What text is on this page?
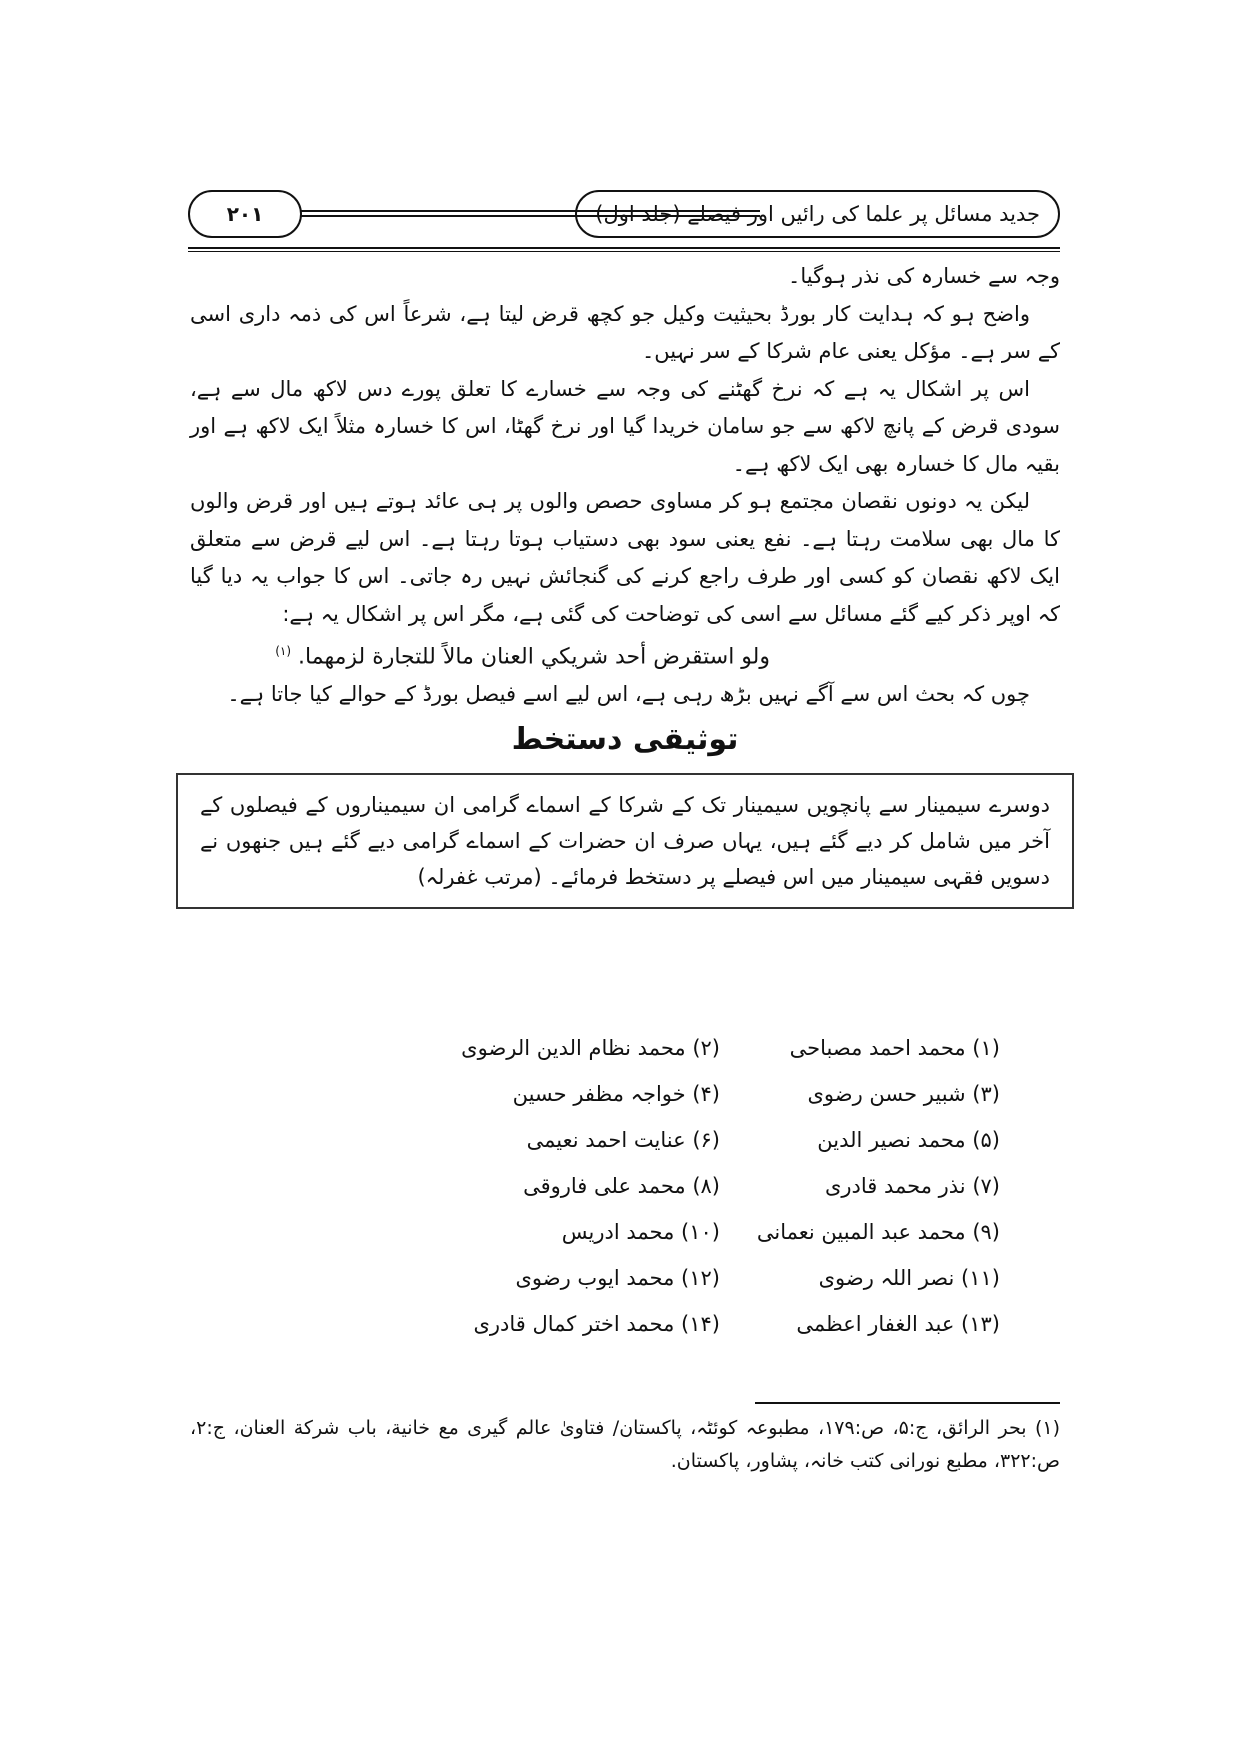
۲۰۱	جدید مسائل پر علما کی رائیں اور فیصلے (جلد اول)

وجہ سے خسارہ کی نذر ہوگیا۔

واضح ہو کہ ہدایت کار بورڈ بحیثیت وکیل جو کچھ قرض لیتا ہے، شرعاً اس کی ذمہ داری اسی کے سر ہے۔ مؤکل یعنی عام شرکا کے سر نہیں۔

اس پر اشکال یہ ہے کہ نرخ گھٹنے کی وجہ سے خسارے کا تعلق پورے دس لاکھ مال سے ہے، سودی قرض کے پانچ لاکھ سے جو سامان خریدا گیا اور نرخ گھٹا، اس کا خسارہ مثلاً ایک لاکھ ہے اور بقیہ مال کا خسارہ بھی ایک لاکھ ہے۔

لیکن یہ دونوں نقصان مجتمع ہو کر مساوی حصص والوں پر ہی عائد ہوتے ہیں اور قرض والوں کا مال بھی سلامت رہتا ہے۔ نفع یعنی سود بھی دستیاب ہوتا رہتا ہے۔ اس لیے قرض سے متعلق ایک لاکھ نقصان کو کسی اور طرف راجع کرنے کی گنجائش نہیں رہ جاتی۔ اس کا جواب یہ دیا گیا کہ اوپر ذکر کیے گئے مسائل سے اسی کی توضاحت کی گئی ہے، مگر اس پر اشکال یہ ہے:

ولو استقرض أحد شريكي العنان مالاً للتجارة لزمهما. $^{(۱)}$

چوں کہ بحث اس سے آگے نہیں بڑھ رہی ہے، اس لیے اسے فیصل بورڈ کے حوالے کیا جاتا ہے۔

توثیقی دستخط
دوسرے سیمینار سے پانچویں سیمینار تک کے شرکا کے اسماے گرامی ان سیمیناروں کے فیصلوں کے آخر میں شامل کر دیے گئے ہیں، یہاں صرف ان حضرات کے اسماے گرامی دیے گئے ہیں جنھوں نے دسویں فقہی سیمینار میں اس فیصلے پر دستخط فرمائے۔ (مرتب غفرلہ)
(۱) محمد احمد مصباحی
(۲) محمد نظام الدین الرضوی
(۳) شبیر حسن رضوی
(۴) خواجہ مظفر حسین
(۵) محمد نصیر الدین
(۶) عنایت احمد نعیمی
(۷) نذر محمد قادری
(۸) محمد علی فاروقی
(۹) محمد عبد المبین نعمانی
(۱۰) محمد ادریس
(۱۱) نصر اللہ رضوی
(۱۲) محمد ایوب رضوی
(۱۳) عبد الغفار اعظمی
(۱۴) محمد اختر کمال قادری
(۱) بحر الرائق، ج:۵، ص:۱۷۹، مطبوعہ کوئٹہ، پاکستان/ فتاویٰ عالم گیری مع خانية، باب شركة العنان، ج:۲، ص:۳۲۲، مطبع نورانی کتب خانہ، پشاور، پاکستان.
